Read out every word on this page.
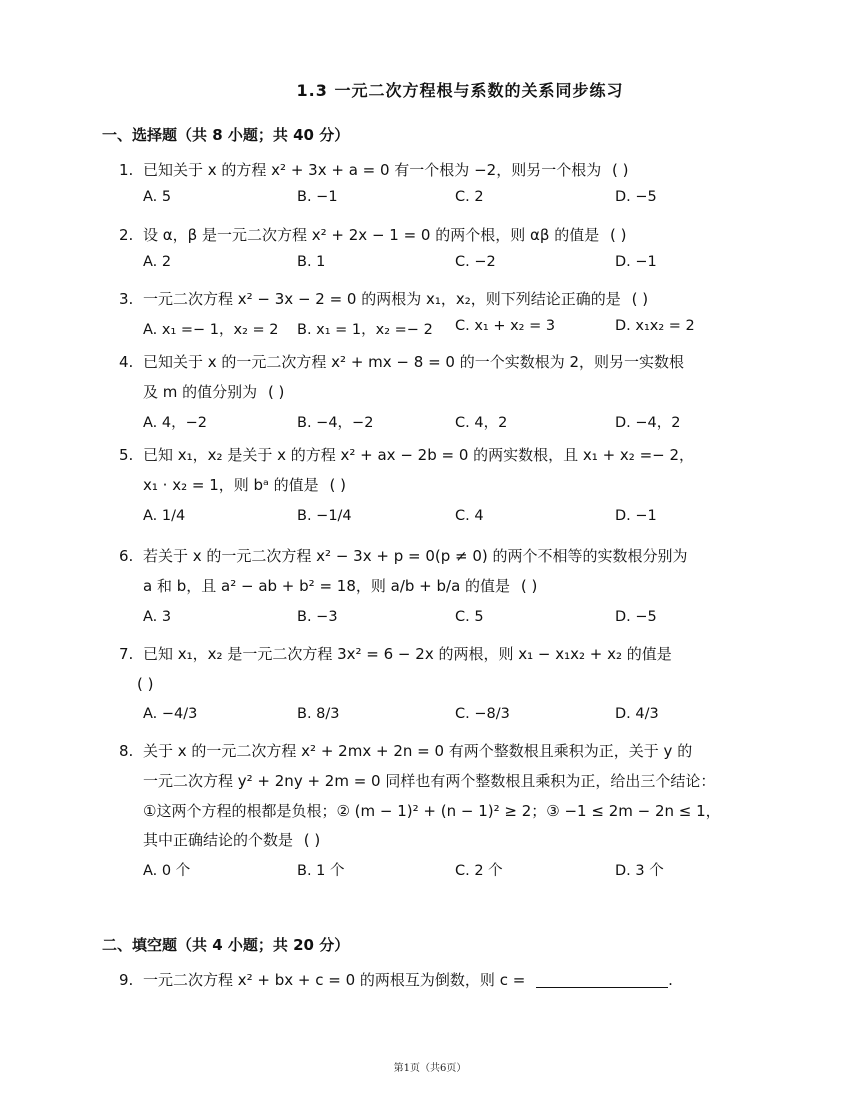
1.3 一元二次方程根与系数的关系同步练习
一、选择题（共 8 小题；共 40 分）
1. 已知关于 x 的方程 x² + 3x + a = 0 有一个根为 −2，则另一个根为 ( )
A. 5	B. −1	C. 2	D. −5
2. 设 α，β 是一元二次方程 x² + 2x − 1 = 0 的两个根，则 αβ 的值是 ( )
A. 2	B. 1	C. −2	D. −1
3. 一元二次方程 x² − 3x − 2 = 0 的两根为 x₁，x₂，则下列结论正确的是 ( )
A. x₁ =− 1，x₂ = 2 B. x₁ = 1，x₂ =− 2 C. x₁ + x₂ = 3	D. x₁x₂ = 2
4. 已知关于 x 的一元二次方程 x² + mx − 8 = 0 的一个实数根为 2，则另一实数根
及 m 的值分别为 ( )
A. 4，−2	B. −4，−2	C. 4，2	D. −4，2
5. 已知 x₁，x₂ 是关于 x 的方程 x² + ax − 2b = 0 的两实数根，且 x₁ + x₂ =− 2，
x₁ · x₂ = 1，则 bᵃ 的值是 ( )
A. 1/4	B. −1/4	C. 4	D. −1
6. 若关于 x 的一元二次方程 x² − 3x + p = 0(p ≠ 0) 的两个不相等的实数根分别为
a 和 b，且 a² − ab + b² = 18，则 a/b + b/a 的值是 ( )
A. 3	B. −3	C. 5	D. −5
7. 已知 x₁，x₂ 是一元二次方程 3x² = 6 − 2x 的两根，则 x₁ − x₁x₂ + x₂ 的值是
( )
A. −4/3	B. 8/3	C. −8/3	D. 4/3
8. 关于 x 的一元二次方程 x² + 2mx + 2n = 0 有两个整数根且乘积为正，关于 y 的
一元二次方程 y² + 2ny + 2m = 0 同样也有两个整数根且乘积为正，给出三个结论：
①这两个方程的根都是负根；② (m − 1)² + (n − 1)² ≥ 2；③ −1 ≤ 2m − 2n ≤ 1，
其中正确结论的个数是 ( )
A. 0 个	B. 1 个	C. 2 个	D. 3 个
二、填空题（共 4 小题；共 20 分）
9. 一元二次方程 x² + bx + c = 0 的两根互为倒数，则 c =	.
第1页（共6页）
